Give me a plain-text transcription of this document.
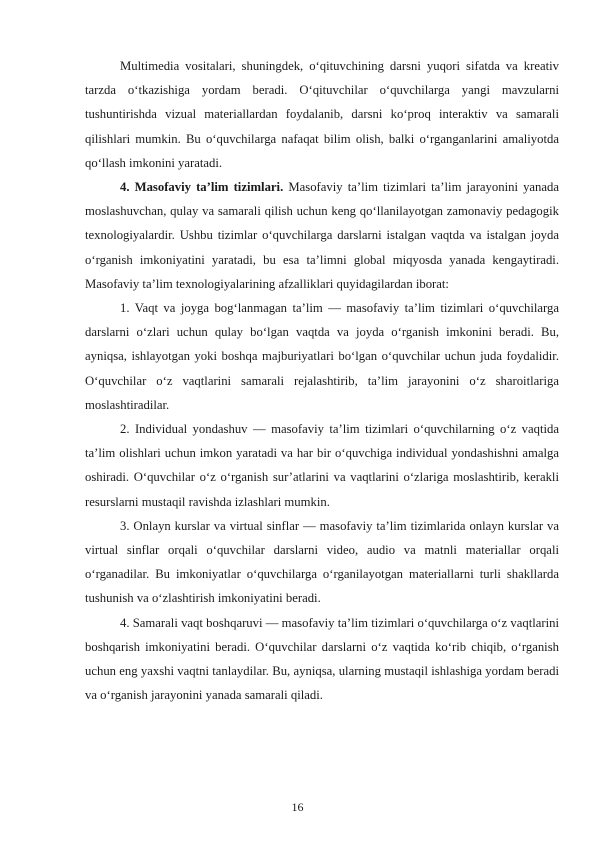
Multimedia vositalari, shuningdek, o‘qituvchining darsni yuqori sifatda va kreativ tarzda o‘tkazishiga yordam beradi. O‘qituvchilar o‘quvchilarga yangi mavzularni tushuntirishda vizual materiallardan foydalanib, darsni ko‘proq interaktiv va samarali qilishlari mumkin. Bu o‘quvchilarga nafaqat bilim olish, balki o‘rganganlarini amaliyotda qo‘llash imkonini yaratadi.

4. Masofaviy ta’lim tizimlari. Masofaviy ta’lim tizimlari ta’lim jarayonini yanada moslashuvchan, qulay va samarali qilish uchun keng qo‘llanilayotgan zamonaviy pedagogik texnologiyalardir. Ushbu tizimlar o‘quvchilarga darslarni istalgan vaqtda va istalgan joyda o‘rganish imkoniyatini yaratadi, bu esa ta’limni global miqyosda yanada kengaytiradi. Masofaviy ta’lim texnologiyalarining afzalliklari quyidagilardan iborat:

1. Vaqt va joyga bog‘lanmagan ta’lim — masofaviy ta’lim tizimlari o‘quvchilarga darslarni o‘zlari uchun qulay bo‘lgan vaqtda va joyda o‘rganish imkonini beradi. Bu, ayniqsa, ishlayotgan yoki boshqa majburiyatlari bo‘lgan o‘quvchilar uchun juda foydalidir. O‘quvchilar o‘z vaqtlarini samarali rejalashtirib, ta’lim jarayonini o‘z sharoitlariga moslashtiradilar.

2. Individual yondashuv — masofaviy ta’lim tizimlari o‘quvchilarning o‘z vaqtida ta’lim olishlari uchun imkon yaratadi va har bir o‘quvchiga individual yondashishni amalga oshiradi. O‘quvchilar o‘z o‘rganish sur’atlarini va vaqtlarini o‘zlariga moslashtirib, kerakli resurslarni mustaqil ravishda izlashlari mumkin.

3. Onlayn kurslar va virtual sinflar — masofaviy ta’lim tizimlarida onlayn kurslar va virtual sinflar orqali o‘quvchilar darslarni video, audio va matnli materiallar orqali o‘rganadilar. Bu imkoniyatlar o‘quvchilarga o‘rganilayotgan materiallarni turli shakllarda tushunish va o‘zlashtirish imkoniyatini beradi.

4. Samarali vaqt boshqaruvi — masofaviy ta’lim tizimlari o‘quvchilarga o‘z vaqtlarini boshqarish imkoniyatini beradi. O‘quvchilar darslarni o‘z vaqtida ko‘rib chiqib, o‘rganish uchun eng yaxshi vaqtni tanlaydilar. Bu, ayniqsa, ularning mustaqil ishlashiga yordam beradi va o‘rganish jarayonini yanada samarali qiladi.

16
